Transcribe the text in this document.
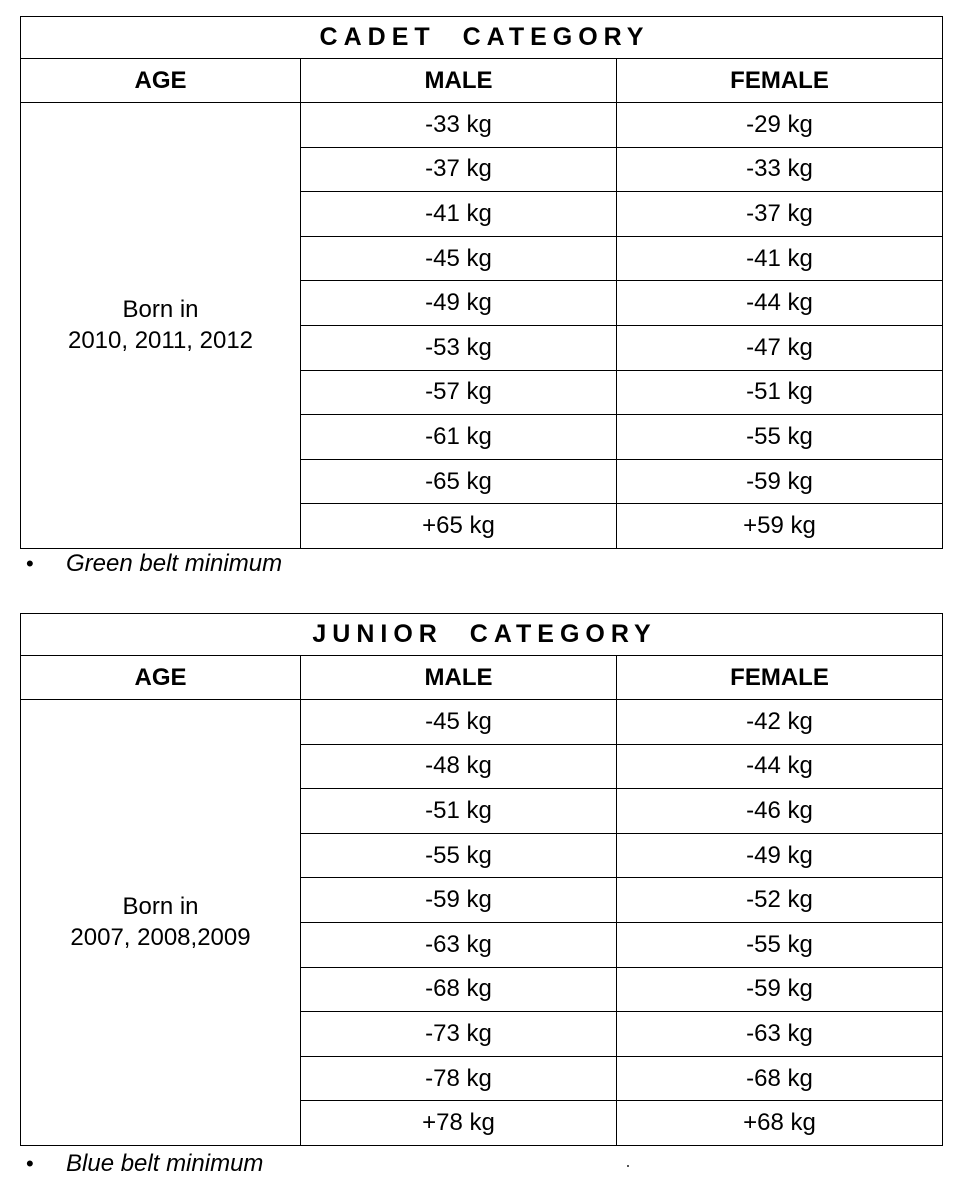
CADET CATEGORY		
AGE	MALE	FEMALE

Born in
2010, 2011, 2012	-33 kg	-29 kg
	-37 kg	-33 kg
	-41 kg	-37 kg
	-45 kg	-41 kg
	-49 kg	-44 kg
	-53 kg	-47 kg
	-57 kg	-51 kg
	-61 kg	-55 kg
	-65 kg	-59 kg
	+65 kg	+59 kg
•	Green belt minimum
JUNIOR CATEGORY		
AGE	MALE	FEMALE

Born in
2007, 2008,2009	-45 kg	-42 kg
	-48 kg	-44 kg
	-51 kg	-46 kg
	-55 kg	-49 kg
	-59 kg	-52 kg
	-63 kg	-55 kg
	-68 kg	-59 kg
	-73 kg	-63 kg
	-78 kg	-68 kg
	+78 kg	+68 kg
•	Blue belt minimum
